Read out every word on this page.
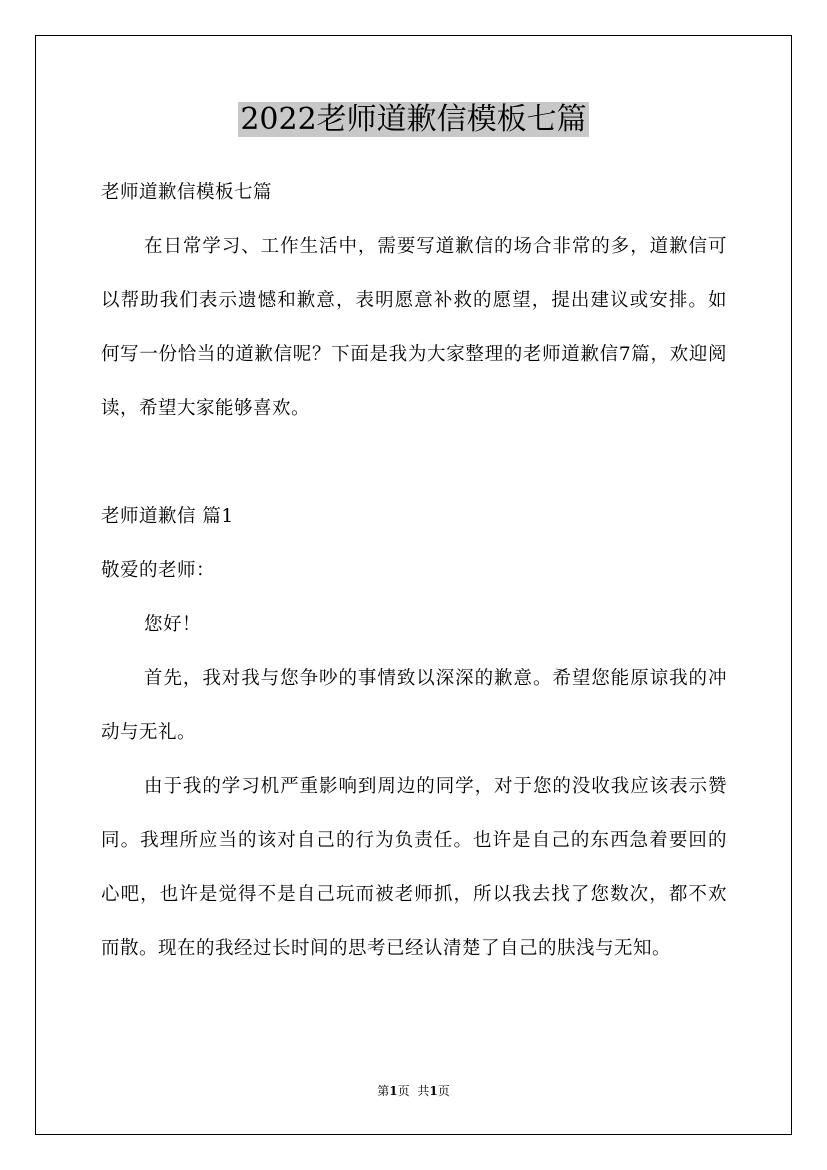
2022老师道歉信模板七篇

老师道歉信模板七篇

在日常学习、工作生活中，需要写道歉信的场合非常的多，道歉信可以帮助我们表示遗憾和歉意，表明愿意补救的愿望，提出建议或安排。如何写一份恰当的道歉信呢？下面是我为大家整理的老师道歉信7篇，欢迎阅读，希望大家能够喜欢。

老师道歉信 篇1

敬爱的老师：

您好！

首先，我对我与您争吵的事情致以深深的歉意。希望您能原谅我的冲动与无礼。

由于我的学习机严重影响到周边的同学，对于您的没收我应该表示赞同。我理所应当的该对自己的行为负责任。也许是自己的东西急着要回的心吧，也许是觉得不是自己玩而被老师抓，所以我去找了您数次，都不欢而散。现在的我经过长时间的思考已经认清楚了自己的肤浅与无知。

第1页 共1页
